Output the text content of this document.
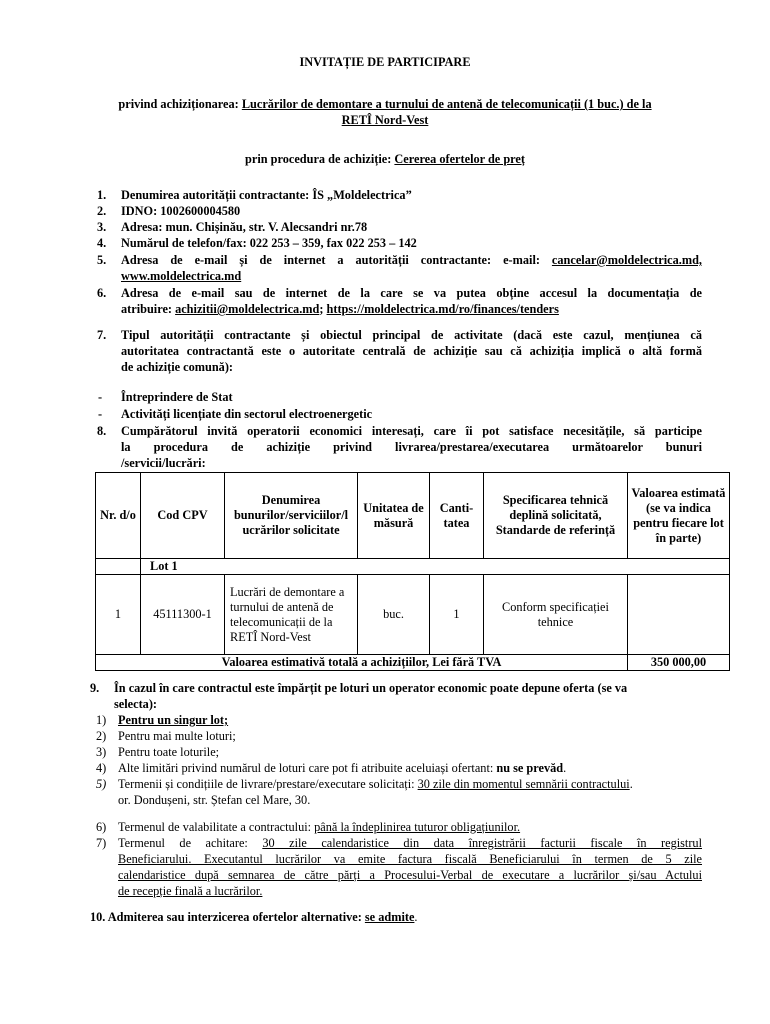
INVITAȚIE DE PARTICIPARE
privind achiziționarea: Lucrărilor de demontare a turnului de antenă de telecomunicații (1 buc.) de la
RETÎ Nord-Vest
prin procedura de achiziție: Cererea ofertelor de preț
1. Denumirea autorității contractante: ÎS „Moldelectrica”
2. IDNO: 1002600004580
3. Adresa: mun. Chișinău, str. V. Alecsandri nr.78
4. Numărul de telefon/fax: 022 253 – 359, fax 022 253 – 142
5. Adresa de e-mail și de internet a autorității contractante: e-mail: cancelar@moldelectrica.md,
www.moldelectrica.md
6. Adresa de e-mail sau de internet de la care se va putea obține accesul la documentația de
atribuire: achizitii@moldelectrica.md; https://moldelectrica.md/ro/finances/tenders
7. Tipul autorității contractante și obiectul principal de activitate (dacă este cazul, mențiunea că
autoritatea contractantă este o autoritate centrală de achiziție sau că achiziția implică o altă formă
de achiziție comună):
- Întreprindere de Stat
- Activități licențiate din sectorul electroenergetic
8. Cumpărătorul invită operatorii economici interesați, care îi pot satisface necesitățile, să participe
la procedura de achiziție privind livrarea/prestarea/executarea următoarelor bunuri
/servicii/lucrări:
Nr. d/o	Cod CPV	Denumirea bunurilor/serviciilor/l ucrărilor solicitate	Unitatea de măsură	Canti- tatea	Specificarea tehnică deplină solicitată, Standarde de referință	Valoarea estimată (se va indica pentru fiecare lot în parte)
	Lot 1					
1	45111300-1	Lucrări de demontare a turnului de antenă de telecomunicații de la RETÎ Nord-Vest	buc.	1	Conform specificației tehnice	
Valoarea estimativă totală a achizițiilor, Lei fără TVA						350 000,00
9. În cazul în care contractul este împărțit pe loturi un operator economic poate depune oferta (se va
selecta):
1) Pentru un singur lot;
2) Pentru mai multe loturi;
3) Pentru toate loturile;
4) Alte limitări privind numărul de loturi care pot fi atribuite aceluiași ofertant: nu se prevăd.
5) Termenii și condițiile de livrare/prestare/executare solicitați: 30 zile din momentul semnării contractului.
or. Dondușeni, str. Ștefan cel Mare, 30.
6) Termenul de valabilitate a contractului: până la îndeplinirea tuturor obligațiunilor.
7) Termenul de achitare: 30 zile calendaristice din data înregistrării facturii fiscale în registrul
Beneficiarului. Executantul lucrărilor va emite factura fiscală Beneficiarului în termen de 5 zile
calendaristice după semnarea de către părți a Procesului-Verbal de executare a lucrărilor și/sau Actului
de recepție finală a lucrărilor.
10. Admiterea sau interzicerea ofertelor alternative: se admite.
